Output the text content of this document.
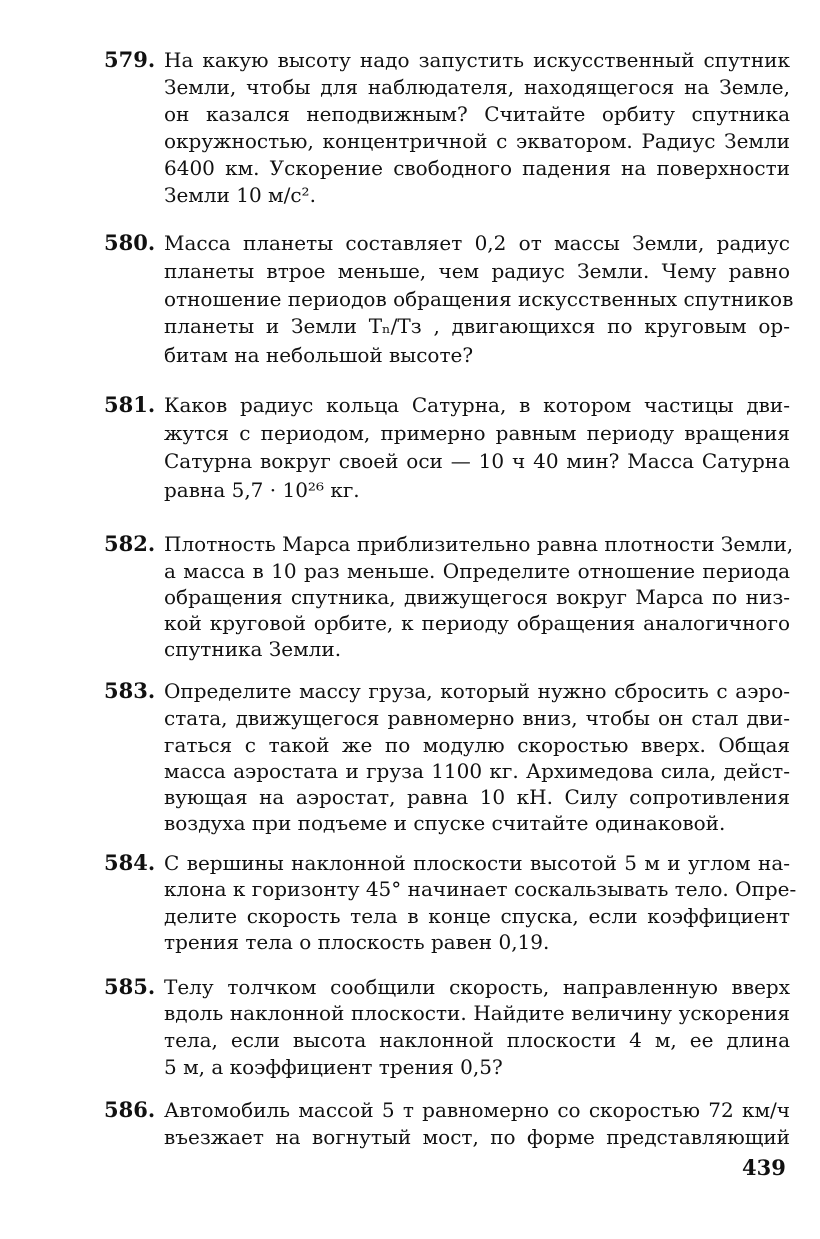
579. На какую высоту надо запустить искусственный спутник
Земли, чтобы для наблюдателя, находящегося на Земле,
он казался неподвижным? Считайте орбиту спутника
окружностью, концентричной с экватором. Радиус Земли
6400 км. Ускорение свободного падения на поверхности
Земли 10 м/с².
580. Масса планеты составляет 0,2 от массы Земли, радиус
планеты втрое меньше, чем радиус Земли. Чему равно
отношение периодов обращения искусственных спутников
планеты и Земли Tₙ/Tз , двигающихся по круговым ор-
битам на небольшой высоте?
581. Каков радиус кольца Сатурна, в котором частицы дви-
жутся с периодом, примерно равным периоду вращения
Сатурна вокруг своей оси — 10 ч 40 мин? Масса Сатурна
равна 5,7 · 10²⁶ кг.
582. Плотность Марса приблизительно равна плотности Земли,
а масса в 10 раз меньше. Определите отношение периода
обращения спутника, движущегося вокруг Марса по низ-
кой круговой орбите, к периоду обращения аналогичного
спутника Земли.
583. Определите массу груза, который нужно сбросить с аэро-
стата, движущегося равномерно вниз, чтобы он стал дви-
гаться с такой же по модулю скоростью вверх. Общая
масса аэростата и груза 1100 кг. Архимедова сила, дейст-
вующая на аэростат, равна 10 кН. Силу сопротивления
воздуха при подъеме и спуске считайте одинаковой.
584. С вершины наклонной плоскости высотой 5 м и углом на-
клона к горизонту 45° начинает соскальзывать тело. Опре-
делите скорость тела в конце спуска, если коэффициент
трения тела о плоскость равен 0,19.
585. Телу толчком сообщили скорость, направленную вверх
вдоль наклонной плоскости. Найдите величину ускорения
тела, если высота наклонной плоскости 4 м, ее длина
5 м, а коэффициент трения 0,5?
586. Автомобиль массой 5 т равномерно со скоростью 72 км/ч
въезжает на вогнутый мост, по форме представляющий
439
